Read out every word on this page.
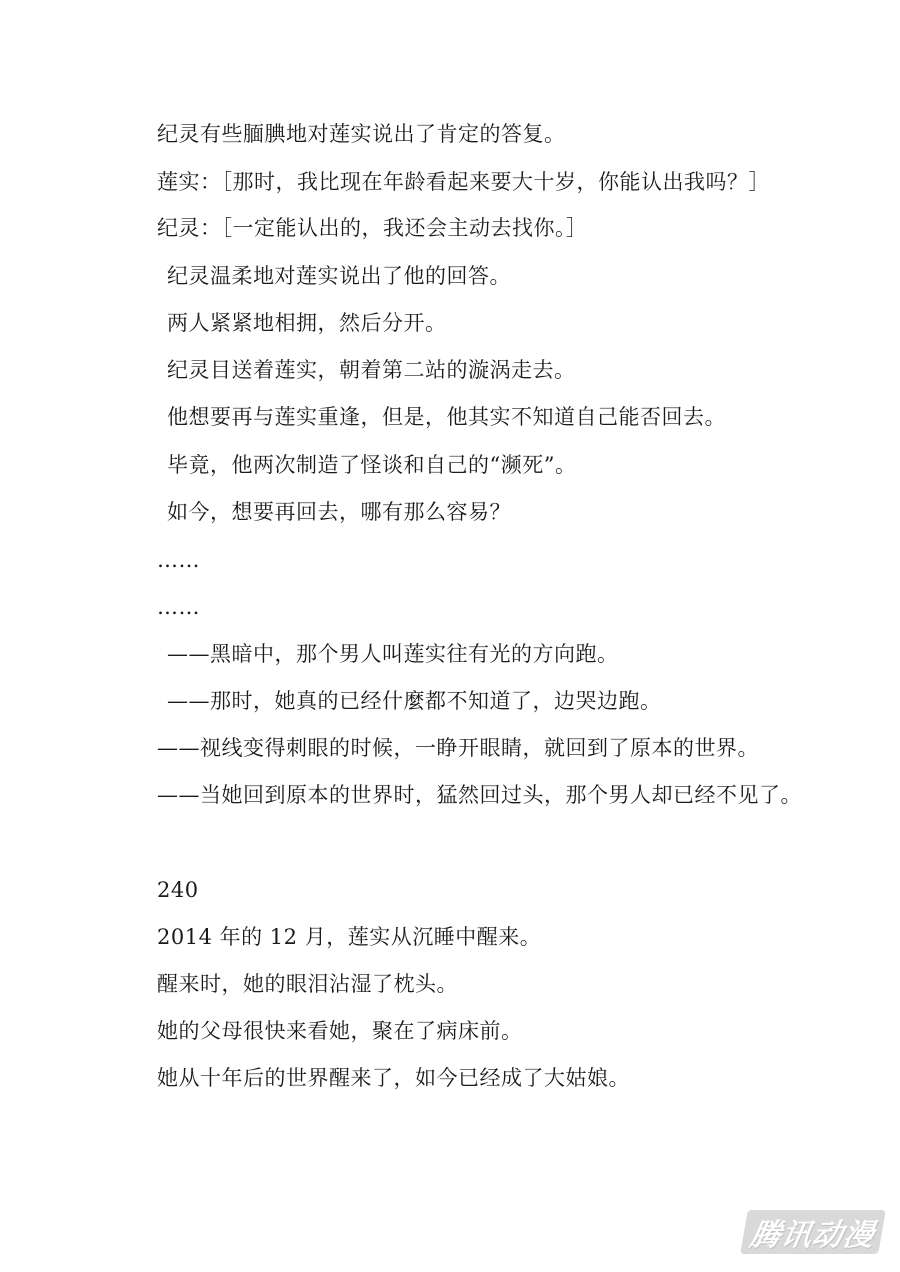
纪灵有些腼腆地对莲实说出了肯定的答复。
莲实：［那时，我比现在年龄看起来要大十岁，你能认出我吗？］
纪灵：［一定能认出的，我还会主动去找你。］
纪灵温柔地对莲实说出了他的回答。
两人紧紧地相拥，然后分开。
纪灵目送着莲实，朝着第二站的漩涡走去。
他想要再与莲实重逢，但是，他其实不知道自己能否回去。
毕竟，他两次制造了怪谈和自己的“濒死”。
如今，想要再回去，哪有那么容易？
……
……
——黑暗中，那个男人叫莲实往有光的方向跑。
——那时，她真的已经什麼都不知道了，边哭边跑。
——视线变得刺眼的时候，一睁开眼睛，就回到了原本的世界。
——当她回到原本的世界时，猛然回过头，那个男人却已经不见了。
240
2014 年的 12 月，莲实从沉睡中醒来。
醒来时，她的眼泪沾湿了枕头。
她的父母很快来看她，聚在了病床前。
她从十年后的世界醒来了，如今已经成了大姑娘。
腾讯动漫
